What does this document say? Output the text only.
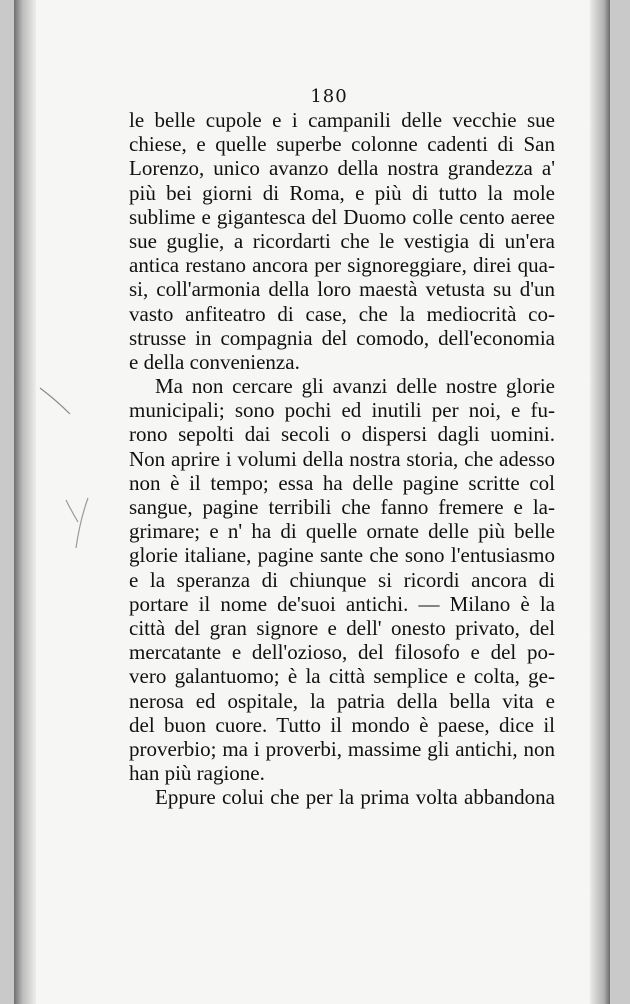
180
le belle cupole e i campanili delle vecchie sue
chiese, e quelle superbe colonne cadenti di San
Lorenzo, unico avanzo della nostra grandezza a'
più bei giorni di Roma, e più di tutto la mole
sublime e gigantesca del Duomo colle cento aeree
sue guglie, a ricordarti che le vestigia di un'era
antica restano ancora per signoreggiare, direi qua-
si, coll'armonia della loro maestà vetusta su d'un
vasto anfiteatro di case, che la mediocrità co-
strusse in compagnia del comodo, dell'economia
e della convenienza.
Ma non cercare gli avanzi delle nostre glorie
municipali; sono pochi ed inutili per noi, e fu-
rono sepolti dai secoli o dispersi dagli uomini.
Non aprire i volumi della nostra storia, che adesso
non è il tempo; essa ha delle pagine scritte col
sangue, pagine terribili che fanno fremere e la-
grimare; e n' ha di quelle ornate delle più belle
glorie italiane, pagine sante che sono l'entusiasmo
e la speranza di chiunque si ricordi ancora di
portare il nome de'suoi antichi. — Milano è la
città del gran signore e dell' onesto privato, del
mercatante e dell'ozioso, del filosofo e del po-
vero galantuomo; è la città semplice e colta, ge-
nerosa ed ospitale, la patria della bella vita e
del buon cuore. Tutto il mondo è paese, dice il
proverbio; ma i proverbi, massime gli antichi, non
han più ragione.
Eppure colui che per la prima volta abbandona
